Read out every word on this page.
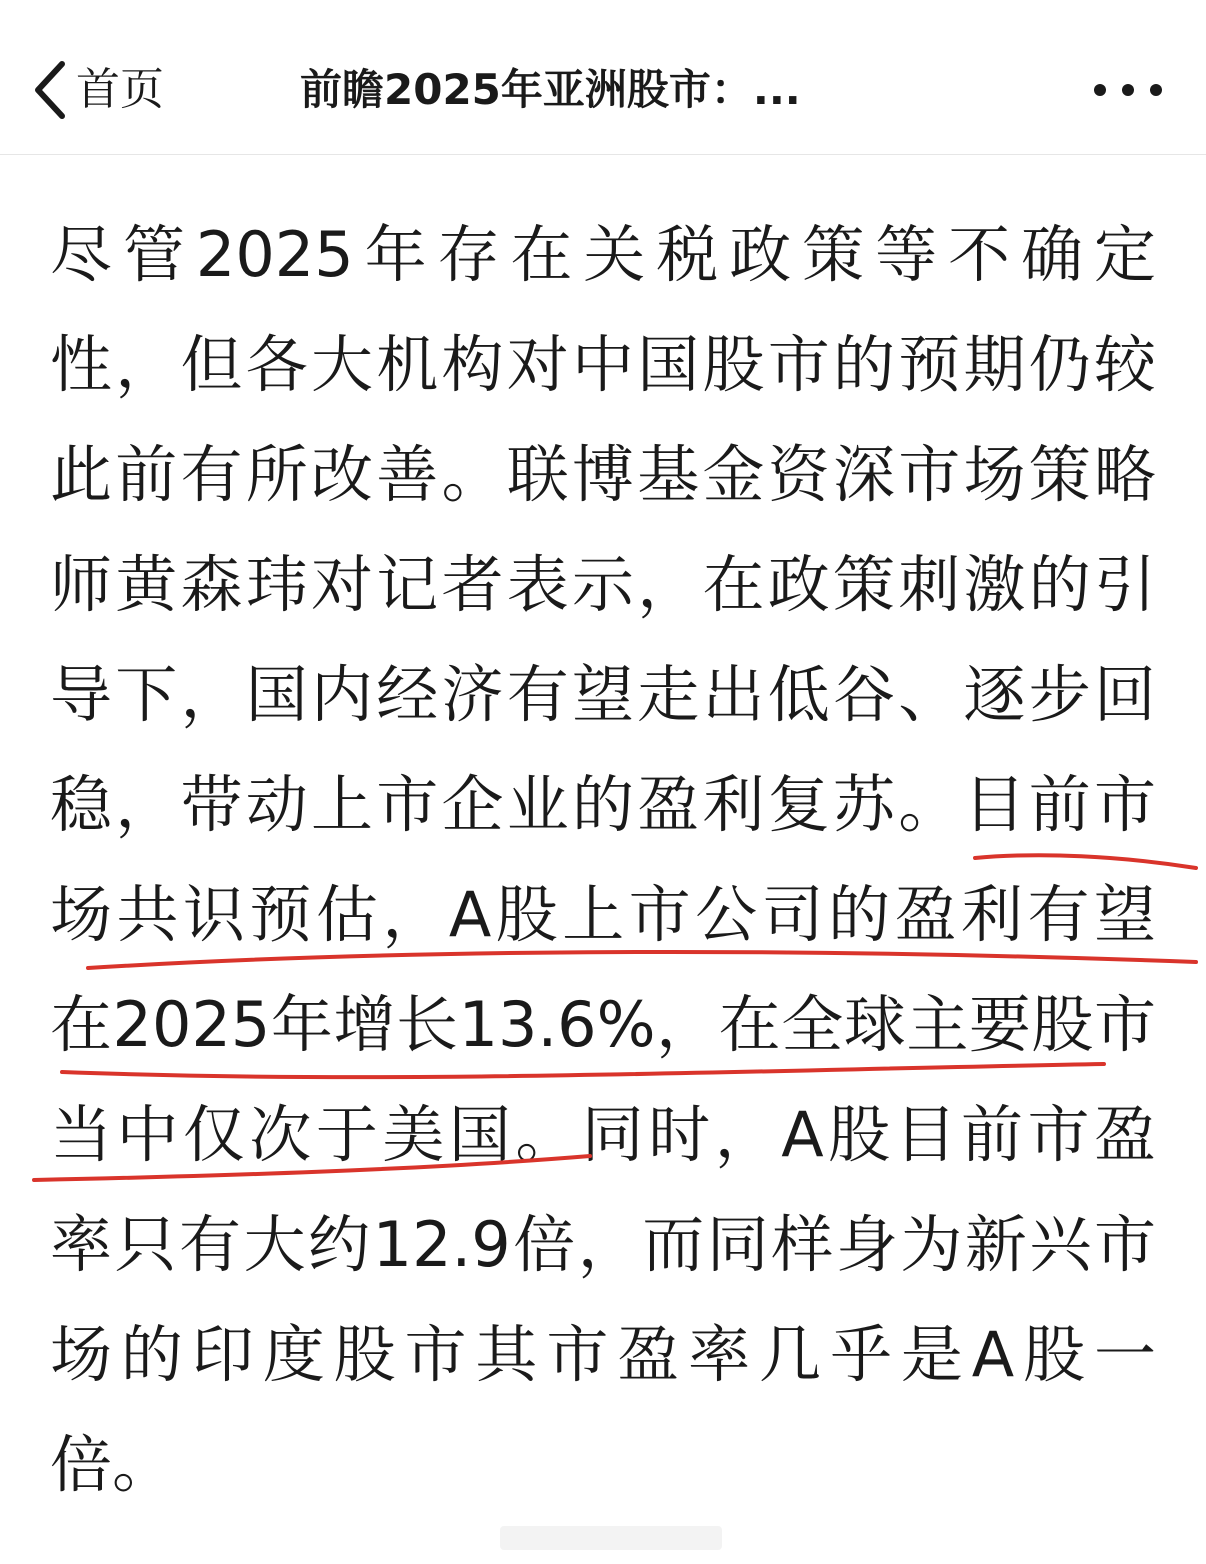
首页	前瞻2025年亚洲股市：...
尽管2025年存在关税政策等不确定
性，但各大机构对中国股市的预期仍较
此前有所改善。联博基金资深市场策略
师黄森玮对记者表示，在政策刺激的引
导下，国内经济有望走出低谷、逐步回
稳，带动上市企业的盈利复苏。目前市
场共识预估，A股上市公司的盈利有望
在2025年增长13.6%，在全球主要股市
当中仅次于美国。同时，A股目前市盈
率只有大约12.9倍，而同样身为新兴市
场的印度股市其市盈率几乎是A股一
倍。
